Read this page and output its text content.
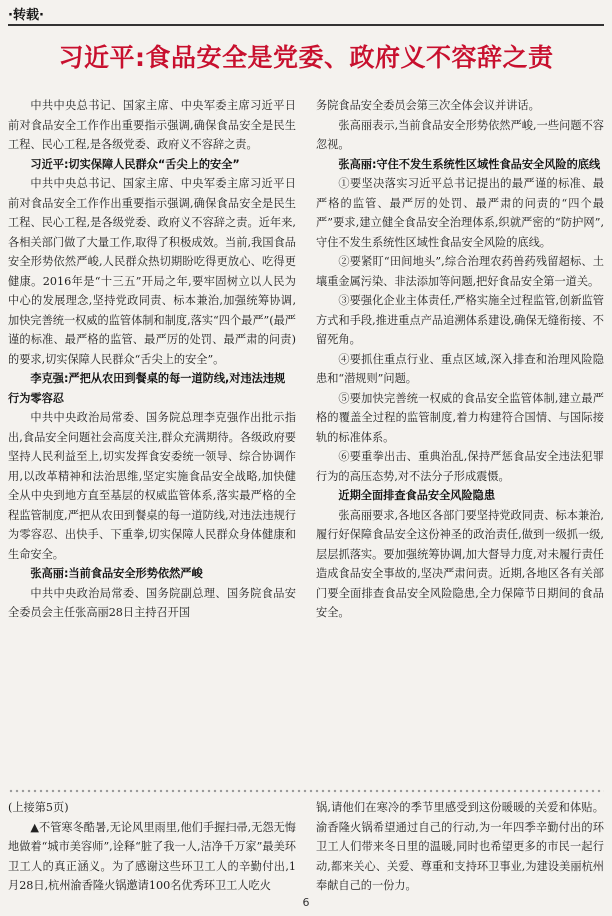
·转载·
习近平:食品安全是党委、政府义不容辞之责

中共中央总书记、国家主席、中央军委主席习近平日前对食品安全工作作出重要指示强调,确保食品安全是民生工程、民心工程,是各级党委、政府义不容辞之责。

习近平:切实保障人民群众“舌尖上的安全”

中共中央总书记、国家主席、中央军委主席习近平日前对食品安全工作作出重要指示强调,确保食品安全是民生工程、民心工程,是各级党委、政府义不容辞之责。近年来,各相关部门做了大量工作,取得了积极成效。当前,我国食品安全形势依然严峻,人民群众热切期盼吃得更放心、吃得更健康。2016年是“十三五”开局之年,要牢固树立以人民为中心的发展理念,坚持党政同责、标本兼治,加强统筹协调,加快完善统一权威的监管体制和制度,落实“四个最严”(最严谨的标准、最严格的监管、最严厉的处罚、最严肃的问责)的要求,切实保障人民群众“舌尖上的安全”。

李克强:严把从农田到餐桌的每一道防线,对违法违规行为零容忍

中共中央政治局常委、国务院总理李克强作出批示指出,食品安全问题社会高度关注,群众充满期待。各级政府要坚持人民利益至上,切实发挥食安委统一领导、综合协调作用,以改革精神和法治思维,坚定实施食品安全战略,加快健全从中央到地方直至基层的权威监管体系,落实最严格的全程监管制度,严把从农田到餐桌的每一道防线,对违法违规行为零容忍、出快手、下重拳,切实保障人民群众身体健康和生命安全。

张高丽:当前食品安全形势依然严峻

中共中央政治局常委、国务院副总理、国务院食品安全委员会主任张高丽28日主持召开国

务院食品安全委员会第三次全体会议并讲话。

张高丽表示,当前食品安全形势依然严峻,一些问题不容忽视。

张高丽:守住不发生系统性区域性食品安全风险的底线

①要坚决落实习近平总书记提出的最严谨的标准、最严格的监管、最严厉的处罚、最严肃的问责的“四个最严”要求,建立健全食品安全治理体系,织就严密的“防护网”,守住不发生系统性区域性食品安全风险的底线。

②要紧盯“田间地头”,综合治理农药兽药残留超标、土壤重金属污染、非法添加等问题,把好食品安全第一道关。

③要强化企业主体责任,严格实施全过程监管,创新监管方式和手段,推进重点产品追溯体系建设,确保无缝衔接、不留死角。

④要抓住重点行业、重点区域,深入排查和治理风险隐患和“潜规则”问题。

⑤要加快完善统一权威的食品安全监管体制,建立最严格的覆盖全过程的监管制度,着力构建符合国情、与国际接轨的标准体系。

⑥要重拳出击、重典治乱,保持严惩食品安全违法犯罪行为的高压态势,对不法分子形成震慑。

近期全面排查食品安全风险隐患

张高丽要求,各地区各部门要坚持党政同责、标本兼治,履行好保障食品安全这份神圣的政治责任,做到一级抓一级,层层抓落实。要加强统筹协调,加大督导力度,对未履行责任造成食品安全事故的,坚决严肃问责。近期,各地区各有关部门要全面排查食品安全风险隐患,全力保障节日期间的食品安全。

(上接第5页)

▲不管寒冬酷暑,无论风里雨里,他们手握扫帚,无怨无悔地做着“城市美容师”,诠释“脏了我一人,洁净千万家”最美环卫工人的真正涵义。为了感谢这些环卫工人的辛勤付出,1月28日,杭州渝香隆火锅邀请100名优秀环卫工人吃火

锅,请他们在寒冷的季节里感受到这份暖暖的关爱和体贴。渝香隆火锅希望通过自己的行动,为一年四季辛勤付出的环卫工人们带来冬日里的温暖,同时也希望更多的市民一起行动,都来关心、关爱、尊重和支持环卫事业,为建设美丽杭州奉献自己的一份力。

6
